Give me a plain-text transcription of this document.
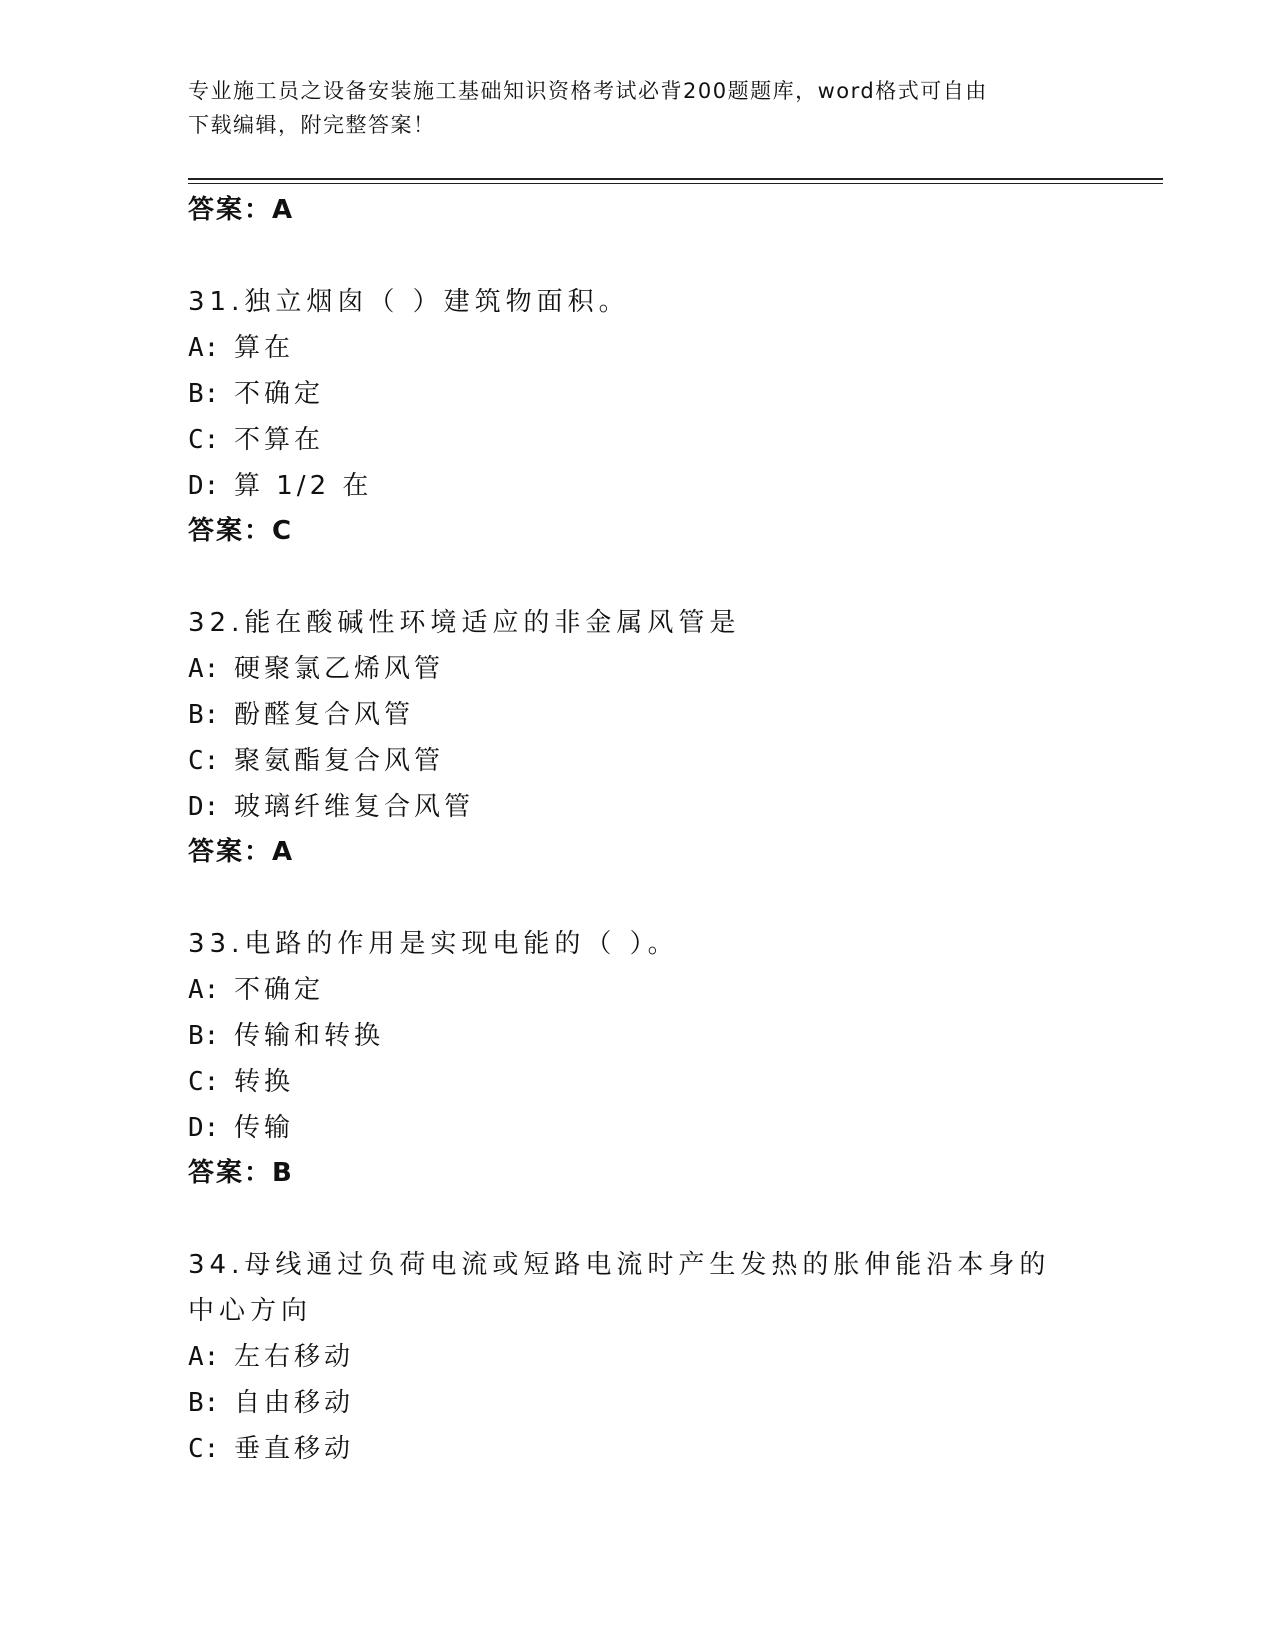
专业施工员之设备安装施工基础知识资格考试必背200题题库，word格式可自由
下载编辑，附完整答案！
答案：A
31.独立烟囱（ ）建筑物面积。
A: 算在
B: 不确定
C: 不算在
D: 算 1/2 在
答案：C
32.能在酸碱性环境适应的非金属风管是
A: 硬聚氯乙烯风管
B: 酚醛复合风管
C: 聚氨酯复合风管
D: 玻璃纤维复合风管
答案：A
33.电路的作用是实现电能的（ ）。
A: 不确定
B: 传输和转换
C: 转换
D: 传输
答案：B
34.母线通过负荷电流或短路电流时产生发热的胀伸能沿本身的中心方向
A: 左右移动
B: 自由移动
C: 垂直移动
